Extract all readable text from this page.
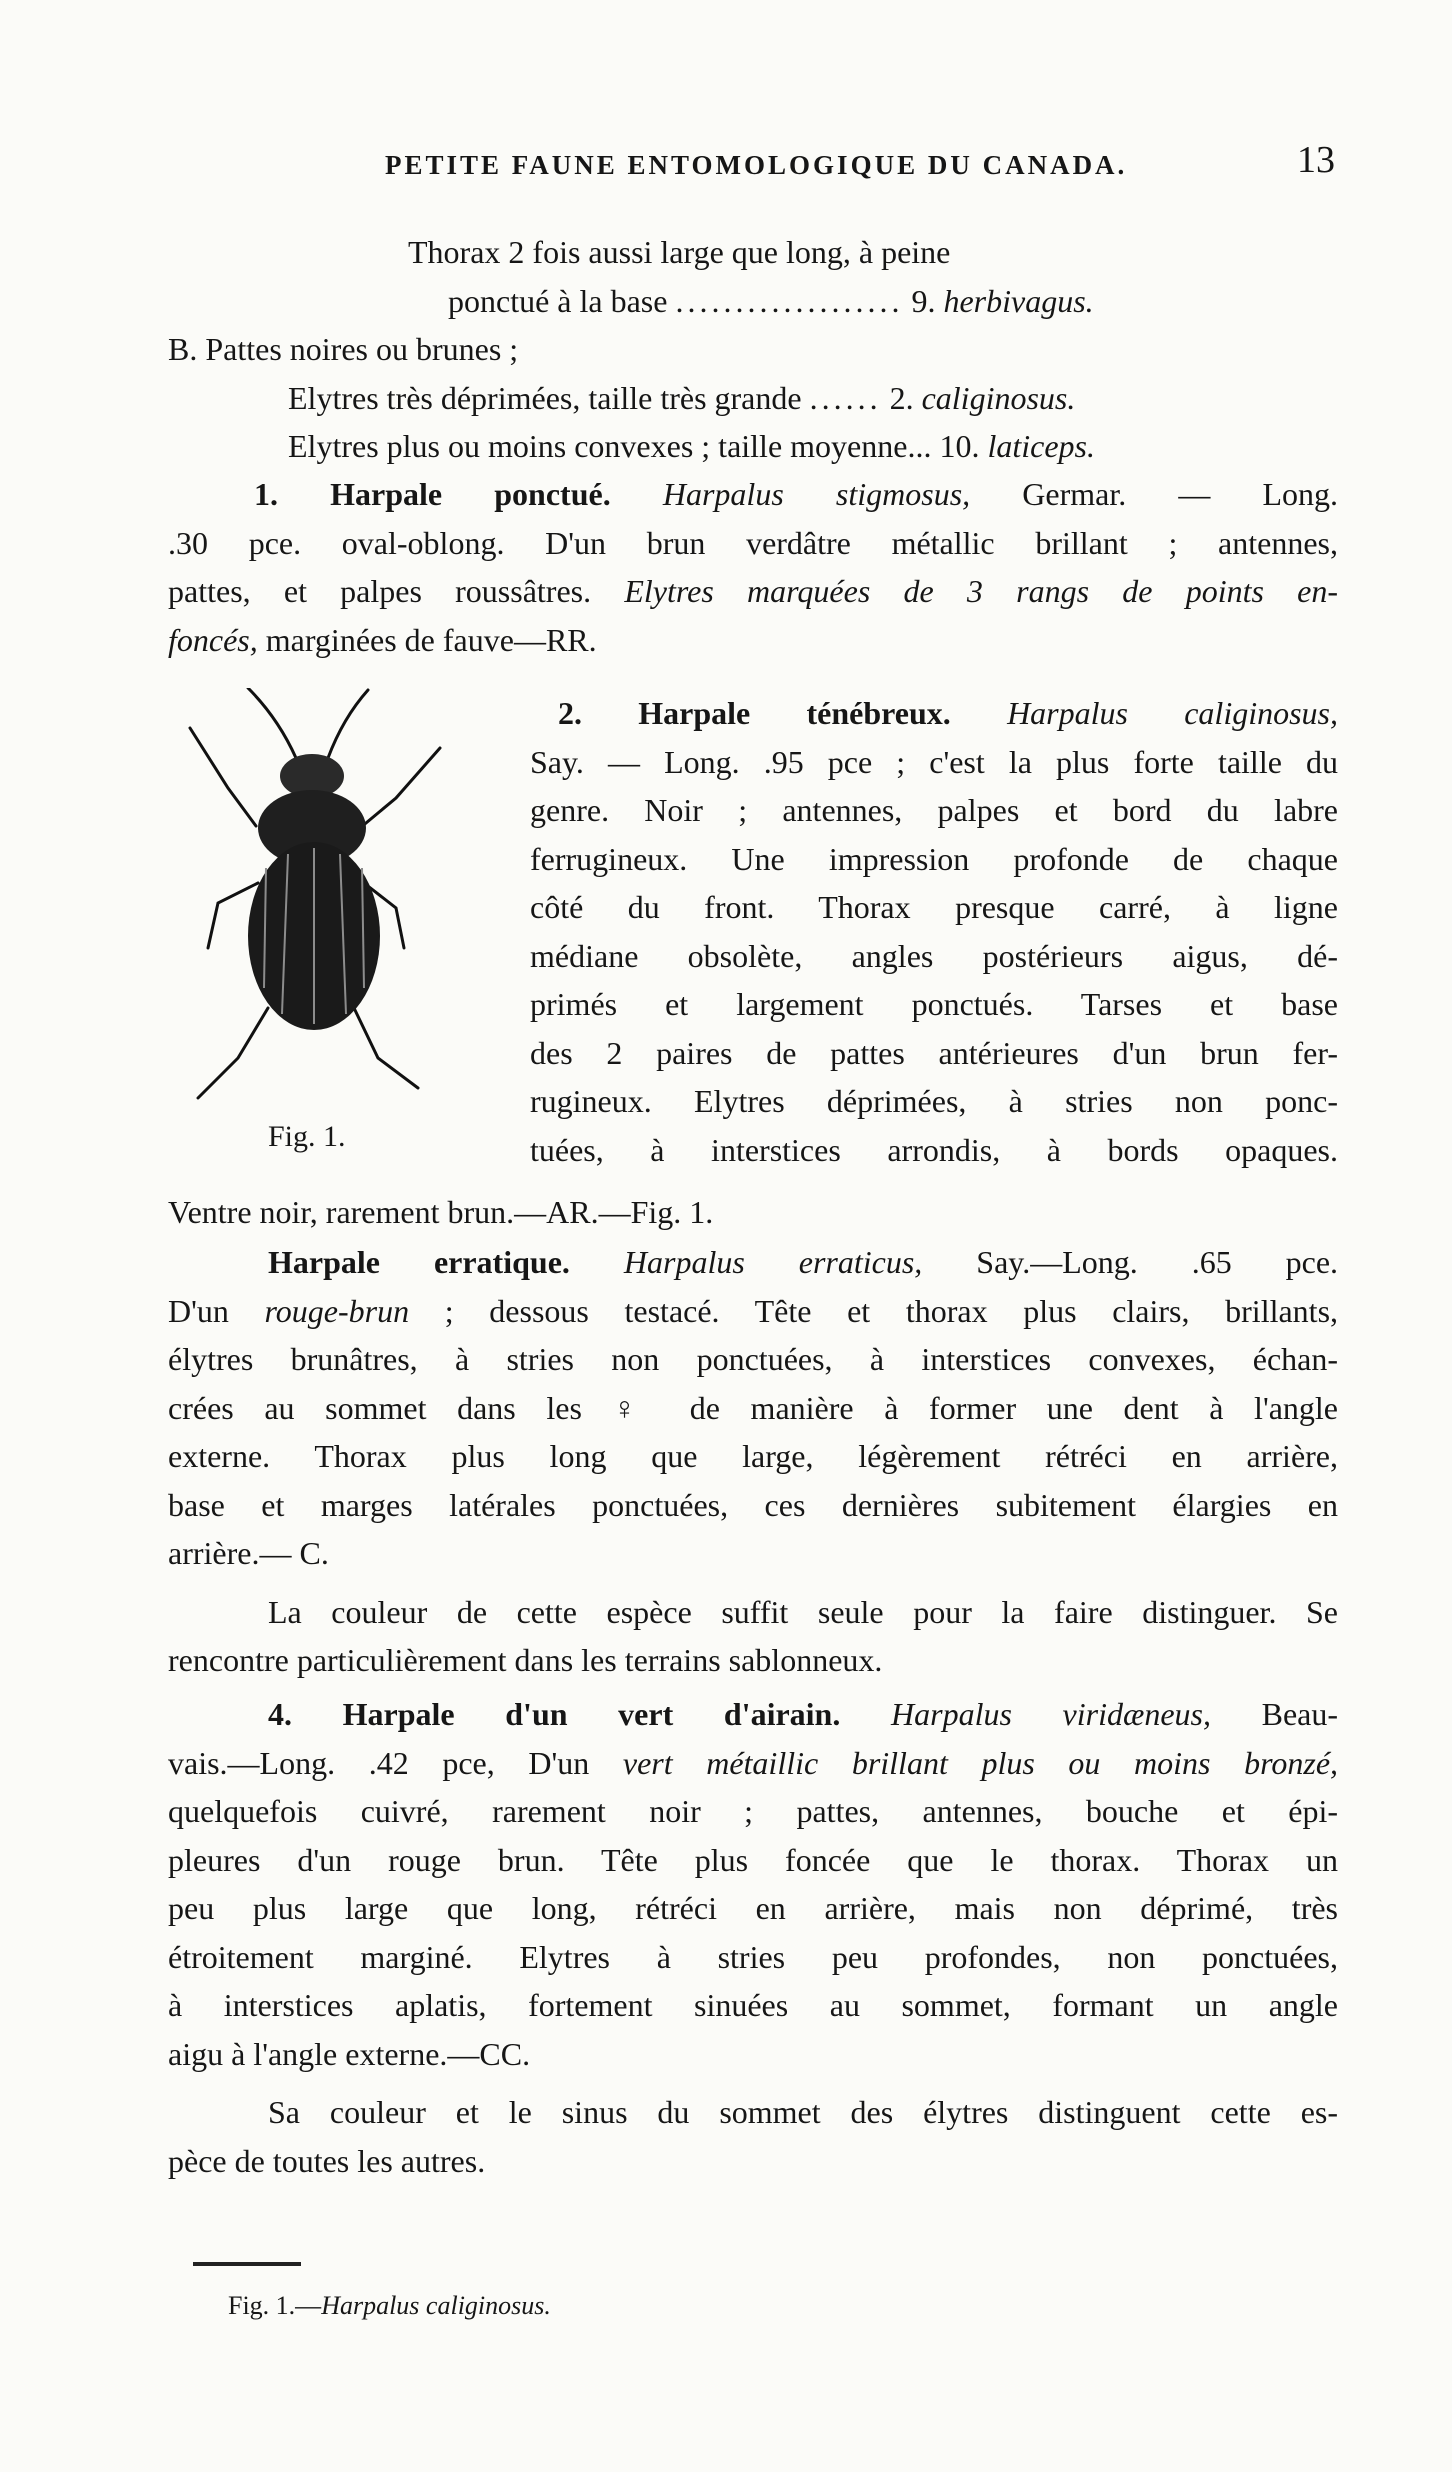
PETITE FAUNE ENTOMOLOGIQUE DU CANADA.	13
Thorax 2 fois aussi large que long, à peine
ponctué à la base ................... 9. herbivagus.
B. Pattes noires ou brunes ;
Elytres très déprimées, taille très grande ...... 2. caliginosus.
Elytres plus ou moins convexes ; taille moyenne... 10. laticeps.
1. Harpale ponctué. Harpalus stigmosus, Germar. — Long.
.30 pce. oval-oblong. D'un brun verdâtre métallic brillant ; antennes,
pattes, et palpes roussâtres. Elytres marquées de 3 rangs de points en-
foncés, marginées de fauve—RR.
Fig. 1.
2. Harpale ténébreux. Harpalus caliginosus,
Say. — Long. .95 pce ; c'est la plus forte taille du
genre. Noir ; antennes, palpes et bord du labre
ferrugineux. Une impression profonde de chaque
côté du front. Thorax presque carré, à ligne
médiane obsolète, angles postérieurs aigus, dé-
primés et largement ponctués. Tarses et base
des 2 paires de pattes antérieures d'un brun fer-
rugineux. Elytres déprimées, à stries non ponc-
tuées, à interstices arrondis, à bords opaques.
Ventre noir, rarement brun.—AR.—Fig. 1.
Harpale erratique. Harpalus erraticus, Say.—Long. .65 pce.
D'un rouge-brun ; dessous testacé. Tête et thorax plus clairs, brillants,
élytres brunâtres, à stries non ponctuées, à interstices convexes, échan-
crées au sommet dans les ♀ de manière à former une dent à l'angle
externe. Thorax plus long que large, légèrement rétréci en arrière,
base et marges latérales ponctuées, ces dernières subitement élargies en
arrière.— C.
La couleur de cette espèce suffit seule pour la faire distinguer. Se
rencontre particulièrement dans les terrains sablonneux.
4. Harpale d'un vert d'airain. Harpalus viridæneus, Beau-
vais.—Long. .42 pce, D'un vert métaillic brillant plus ou moins bronzé,
quelquefois cuivré, rarement noir ; pattes, antennes, bouche et épi-
pleures d'un rouge brun. Tête plus foncée que le thorax. Thorax un
peu plus large que long, rétréci en arrière, mais non déprimé, très
étroitement marginé. Elytres à stries peu profondes, non ponctuées,
à interstices aplatis, fortement sinuées au sommet, formant un angle
aigu à l'angle externe.—CC.
Sa couleur et le sinus du sommet des élytres distinguent cette es-
pèce de toutes les autres.
Fig. 1.—Harpalus caliginosus.
